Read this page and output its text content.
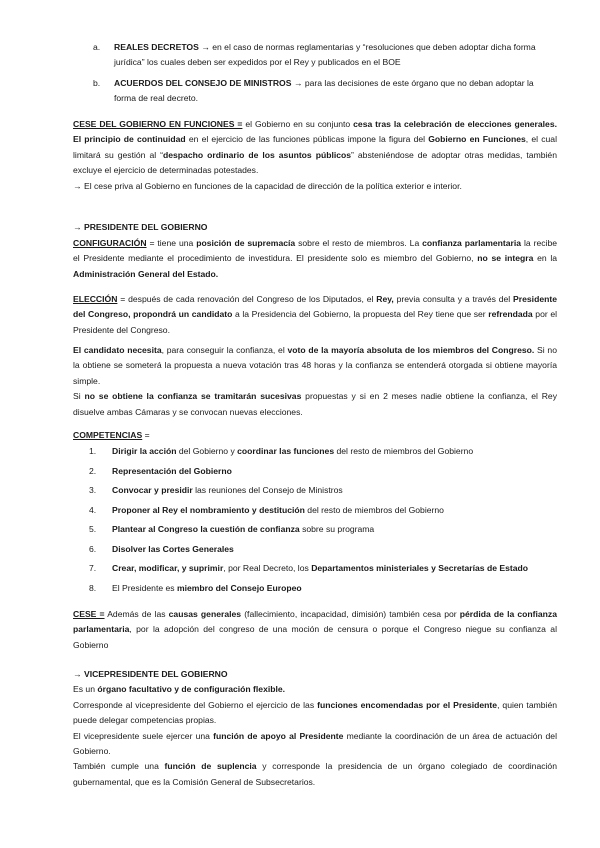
a. REALES DECRETOS → en el caso de normas reglamentarias y “resoluciones que deben adoptar dicha forma jurídica” los cuales deben ser expedidos por el Rey y publicados en el BOE
b. ACUERDOS DEL CONSEJO DE MINISTROS → para las decisiones de este órgano que no deban adoptar la forma de real decreto.

CESE DEL GOBIERNO EN FUNCIONES = el Gobierno en su conjunto cesa tras la celebración de elecciones generales. El principio de continuidad en el ejercicio de las funciones públicas impone la figura del Gobierno en Funciones, el cual limitará su gestión al “despacho ordinario de los asuntos públicos” absteniéndose de adoptar otras medidas, también excluye el ejercicio de determinadas potestades.

→ El cese priva al Gobierno en funciones de la capacidad de dirección de la política exterior e interior.

→ PRESIDENTE DEL GOBIERNO

CONFIGURACIÓN = tiene una posición de supremacía sobre el resto de miembros. La confianza parlamentaria la recibe el Presidente mediante el procedimiento de investidura. El presidente solo es miembro del Gobierno, no se integra en la Administración General del Estado.

ELECCIÓN = después de cada renovación del Congreso de los Diputados, el Rey, previa consulta y a través del Presidente del Congreso, propondrá un candidato a la Presidencia del Gobierno, la propuesta del Rey tiene que ser refrendada por el Presidente del Congreso.

El candidato necesita, para conseguir la confianza, el voto de la mayoría absoluta de los miembros del Congreso. Si no la obtiene se someterá la propuesta a nueva votación tras 48 horas y la confianza se entenderá otorgada si obtiene mayoría simple.

Si no se obtiene la confianza se tramitarán sucesivas propuestas y si en 2 meses nadie obtiene la confianza, el Rey disuelve ambas Cámaras y se convocan nuevas elecciones.

COMPETENCIAS =
1. Dirigir la acción del Gobierno y coordinar las funciones del resto de miembros del Gobierno
2. Representación del Gobierno
3. Convocar y presidir las reuniones del Consejo de Ministros
4. Proponer al Rey el nombramiento y destitución del resto de miembros del Gobierno
5. Plantear al Congreso la cuestión de confianza sobre su programa
6. Disolver las Cortes Generales
7. Crear, modificar, y suprimir, por Real Decreto, los Departamentos ministeriales y Secretarías de Estado
8. El Presidente es miembro del Consejo Europeo

CESE = Además de las causas generales (fallecimiento, incapacidad, dimisión) también cesa por pérdida de la confianza parlamentaria, por la adopción del congreso de una moción de censura o porque el Congreso niegue su confianza al Gobierno

→ VICEPRESIDENTE DEL GOBIERNO

Es un órgano facultativo y de configuración flexible.

Corresponde al vicepresidente del Gobierno el ejercicio de las funciones encomendadas por el Presidente, quien también puede delegar competencias propias.

El vicepresidente suele ejercer una función de apoyo al Presidente mediante la coordinación de un área de actuación del Gobierno.

También cumple una función de suplencia y corresponde la presidencia de un órgano colegiado de coordinación gubernamental, que es la Comisión General de Subsecretarios.
